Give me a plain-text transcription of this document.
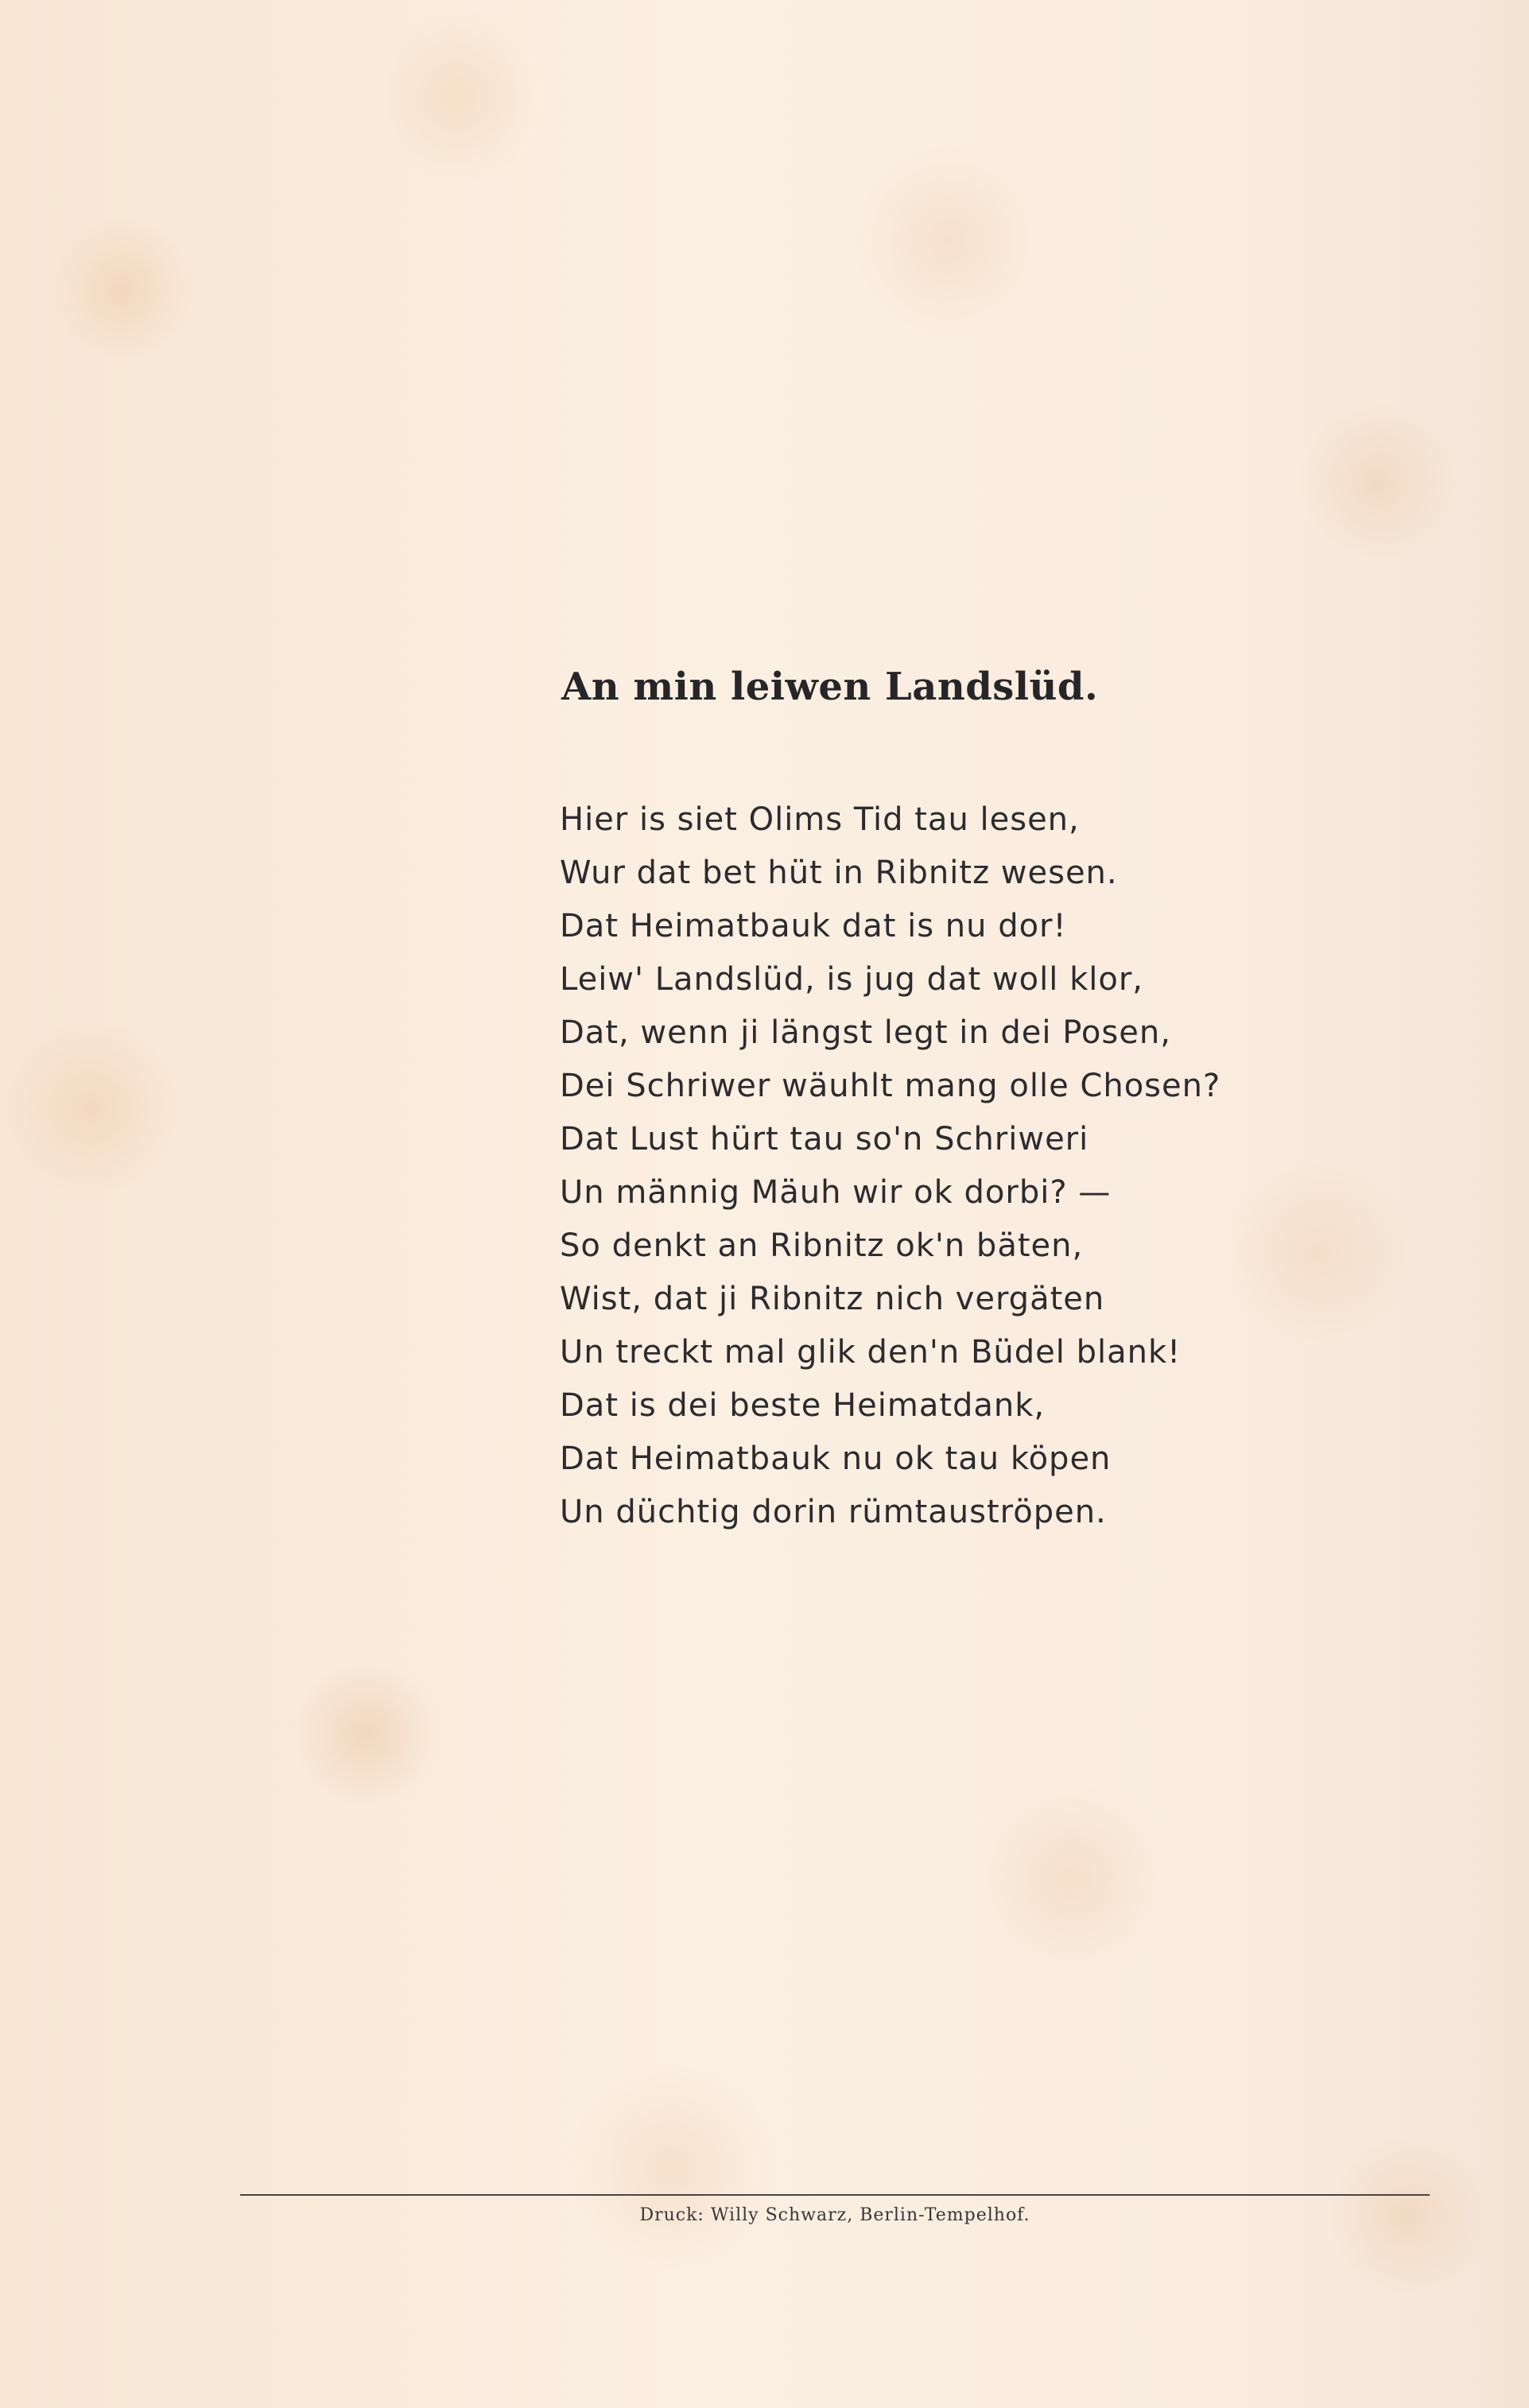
An min leiwen Landslüd.
Hier is siet Olims Tid tau lesen,
Wur dat bet hüt in Ribnitz wesen.
Dat Heimatbauk dat is nu dor!
Leiw' Landslüd, is jug dat woll klor,
Dat, wenn ji längst legt in dei Posen,
Dei Schriwer wäuhlt mang olle Chosen?
Dat Lust hürt tau so'n Schriweri
Un männig Mäuh wir ok dorbi? —
So denkt an Ribnitz ok'n bäten,
Wist, dat ji Ribnitz nich vergäten
Un treckt mal glik den'n Büdel blank!
Dat is dei beste Heimatdank,
Dat Heimatbauk nu ok tau köpen
Un düchtig dorin rümtauströpen.
Druck: Willy Schwarz, Berlin-Tempelhof.
